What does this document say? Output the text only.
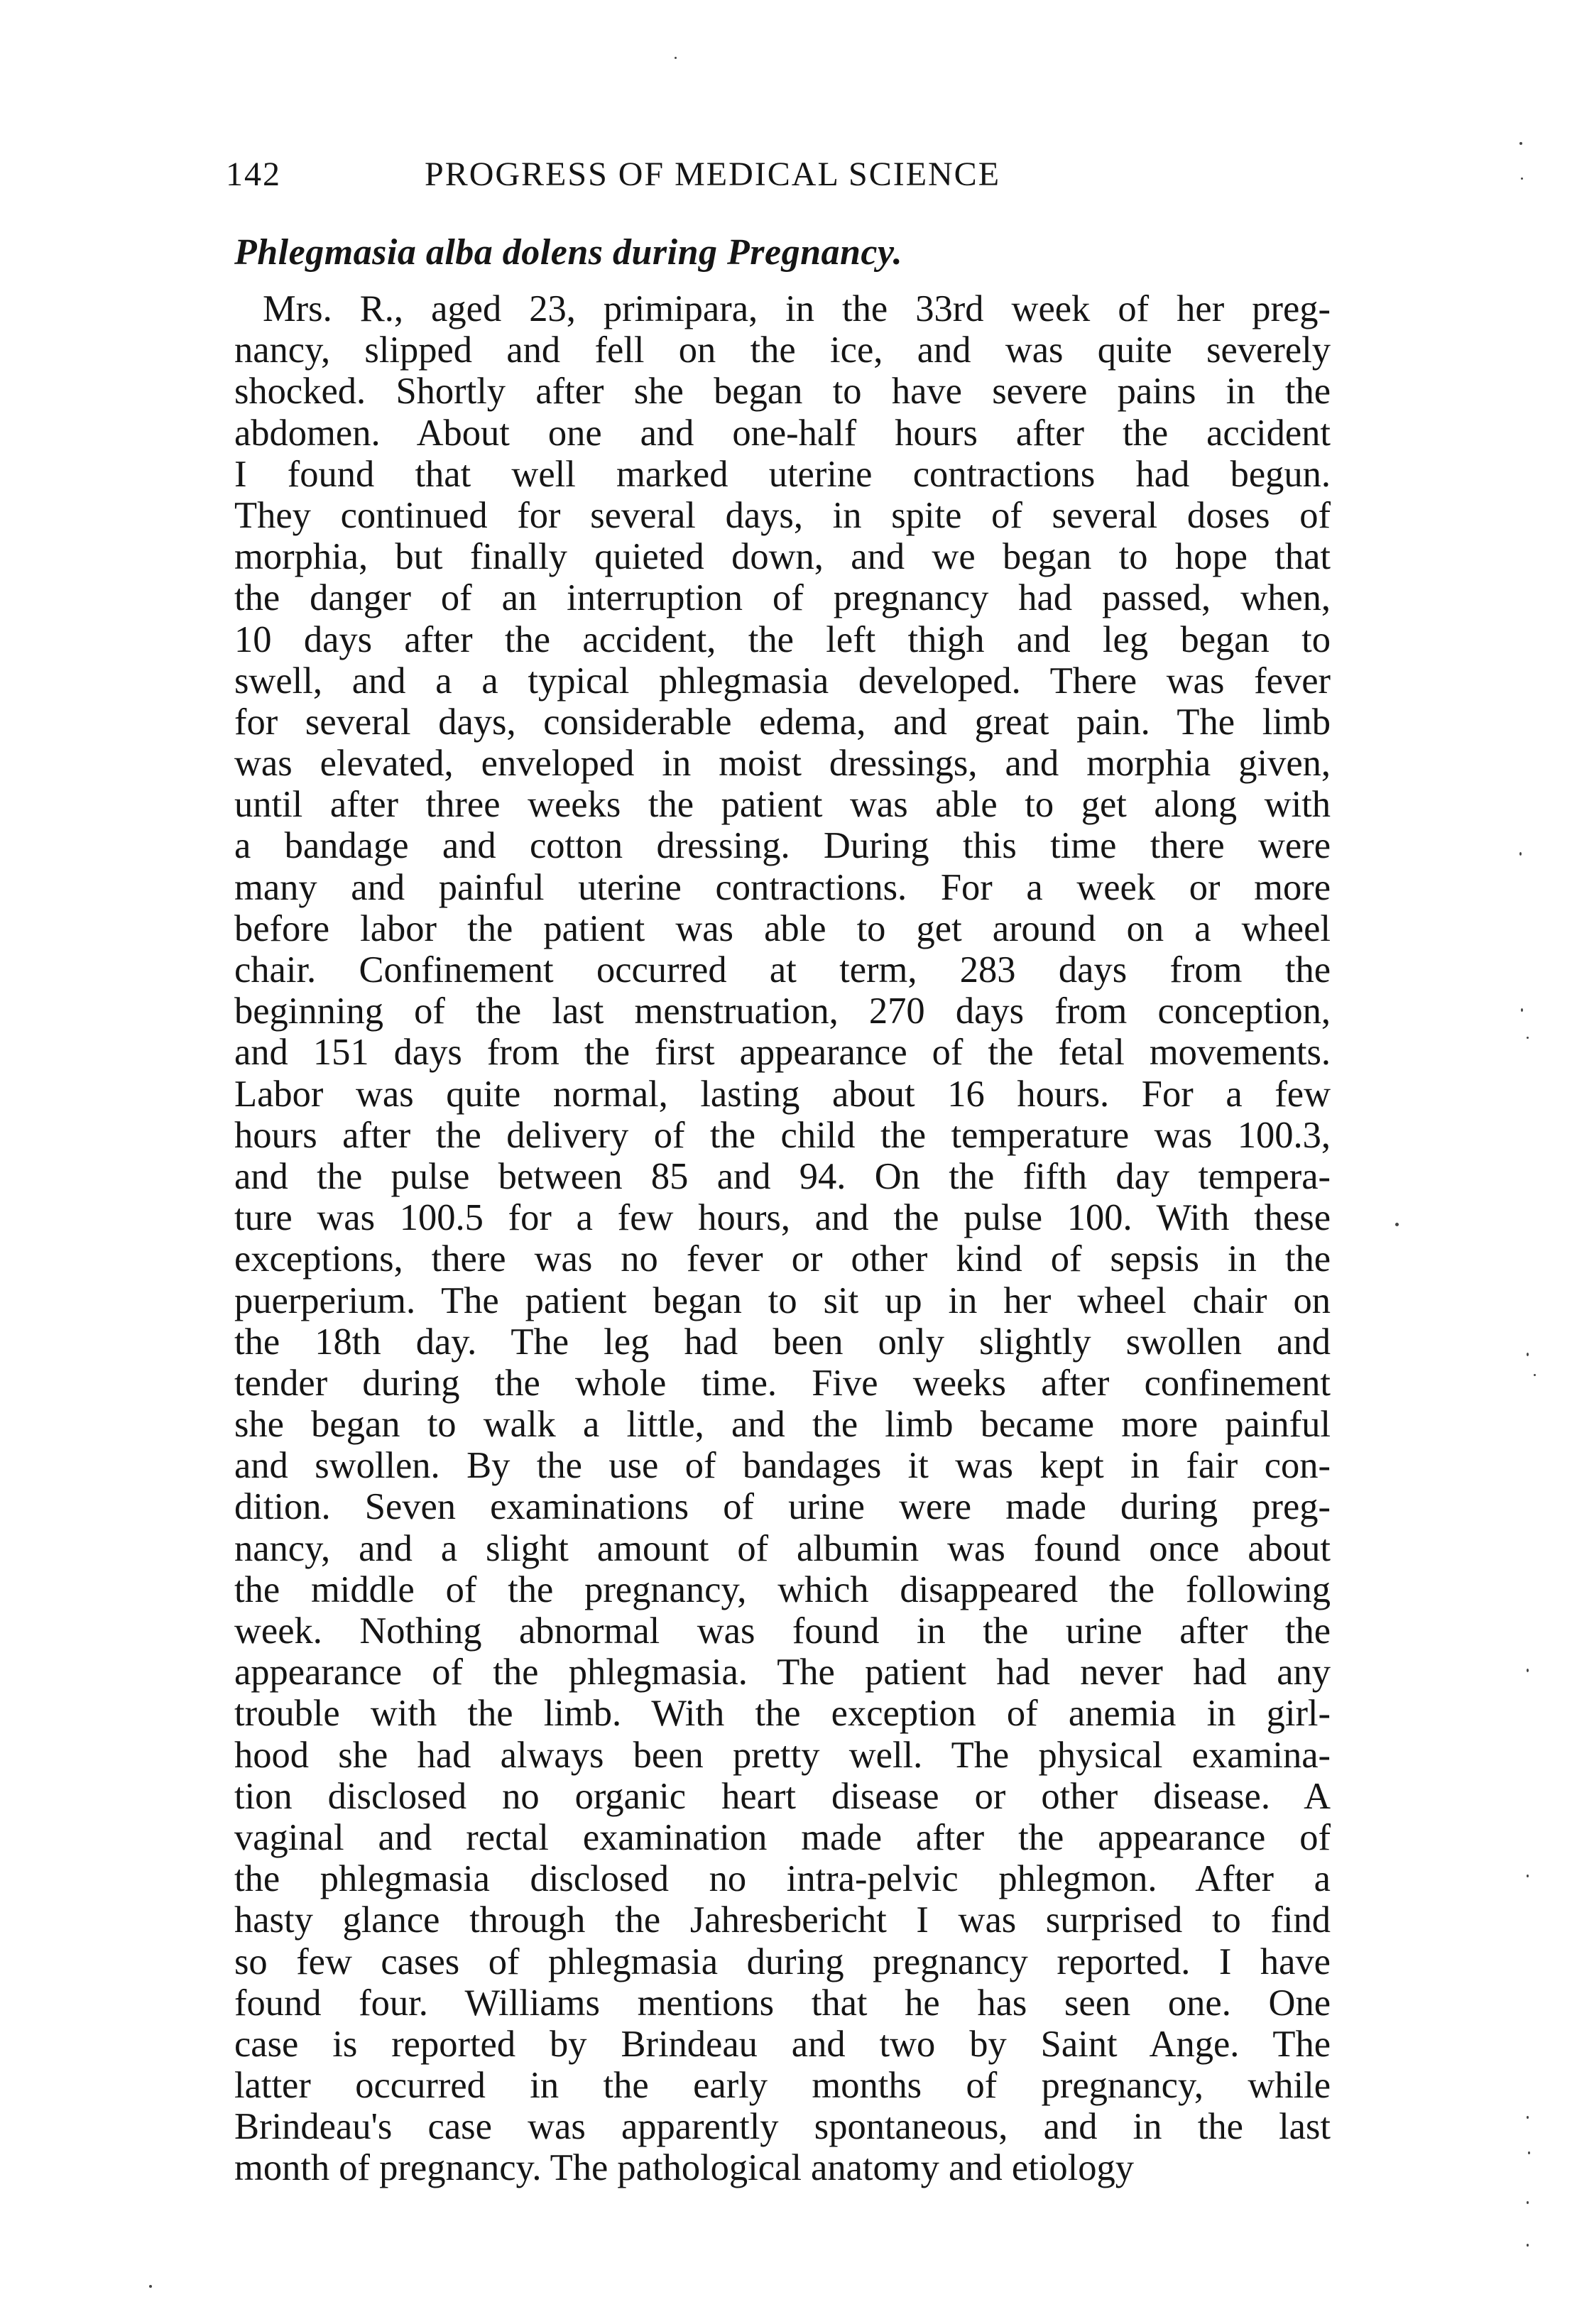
142	PROGRESS OF MEDICAL SCIENCE
Phlegmasia alba dolens during Pregnancy.
Mrs. R., aged 23, primipara, in the 33rd week of her preg-
nancy, slipped and fell on the ice, and was quite severely
shocked. Shortly after she began to have severe pains in the
abdomen. About one and one-half hours after the accident
I found that well marked uterine contractions had begun.
They continued for several days, in spite of several doses of
morphia, but finally quieted down, and we began to hope that
the danger of an interruption of pregnancy had passed, when,
10 days after the accident, the left thigh and leg began to
swell, and a a typical phlegmasia developed. There was fever
for several days, considerable edema, and great pain. The limb
was elevated, enveloped in moist dressings, and morphia given,
until after three weeks the patient was able to get along with
a bandage and cotton dressing. During this time there were
many and painful uterine contractions. For a week or more
before labor the patient was able to get around on a wheel
chair. Confinement occurred at term, 283 days from the
beginning of the last menstruation, 270 days from conception,
and 151 days from the first appearance of the fetal movements.
Labor was quite normal, lasting about 16 hours. For a few
hours after the delivery of the child the temperature was 100.3,
and the pulse between 85 and 94. On the fifth day tempera-
ture was 100.5 for a few hours, and the pulse 100. With these
exceptions, there was no fever or other kind of sepsis in the
puerperium. The patient began to sit up in her wheel chair on
the 18th day. The leg had been only slightly swollen and
tender during the whole time. Five weeks after confinement
she began to walk a little, and the limb became more painful
and swollen. By the use of bandages it was kept in fair con-
dition. Seven examinations of urine were made during preg-
nancy, and a slight amount of albumin was found once about
the middle of the pregnancy, which disappeared the following
week. Nothing abnormal was found in the urine after the
appearance of the phlegmasia. The patient had never had any
trouble with the limb. With the exception of anemia in girl-
hood she had always been pretty well. The physical examina-
tion disclosed no organic heart disease or other disease. A
vaginal and rectal examination made after the appearance of
the phlegmasia disclosed no intra-pelvic phlegmon. After a
hasty glance through the Jahresbericht I was surprised to find
so few cases of phlegmasia during pregnancy reported. I have
found four. Williams mentions that he has seen one. One
case is reported by Brindeau and two by Saint Ange. The
latter occurred in the early months of pregnancy, while
Brindeau's case was apparently spontaneous, and in the last
month of pregnancy. The pathological anatomy and etiology
